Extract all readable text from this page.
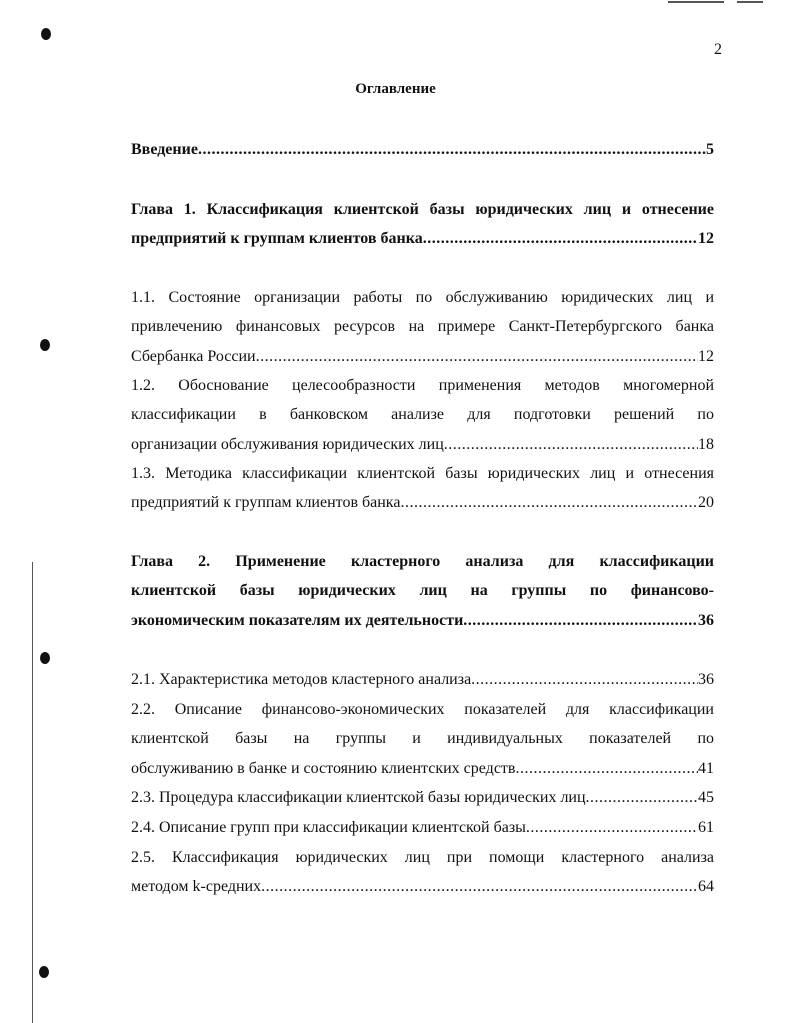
2
Оглавление
Введение .....	5
Глава 1. Классификация клиентской базы юридических лиц и отнесение
предприятий к группам клиентов банка .....	12
1.1. Состояние организации работы по обслуживанию юридических лиц и
привлечению финансовых ресурсов на примере Санкт-Петербургского банка
Сбербанка России .....	12
1.2. Обоснование целесообразности применения методов многомерной
классификации в банковском анализе для подготовки решений по
организации обслуживания юридических лиц .....	18
1.3. Методика классификации клиентской базы юридических лиц и отнесения
предприятий к группам клиентов банка .....	20
Глава 2. Применение кластерного анализа для классификации
клиентской базы юридических лиц на группы по финансово-
экономическим показателям их деятельности .....	36
2.1. Характеристика методов кластерного анализа .....	36
2.2. Описание финансово-экономических показателей для классификации
клиентской базы на группы и индивидуальных показателей по
обслуживанию в банке и состоянию клиентских средств .....	41
2.3. Процедура классификации клиентской базы юридических лиц .....	45
2.4. Описание групп при классификации клиентской базы .....	61
2.5. Классификация юридических лиц при помощи кластерного анализа
методом k-средних .....	64
